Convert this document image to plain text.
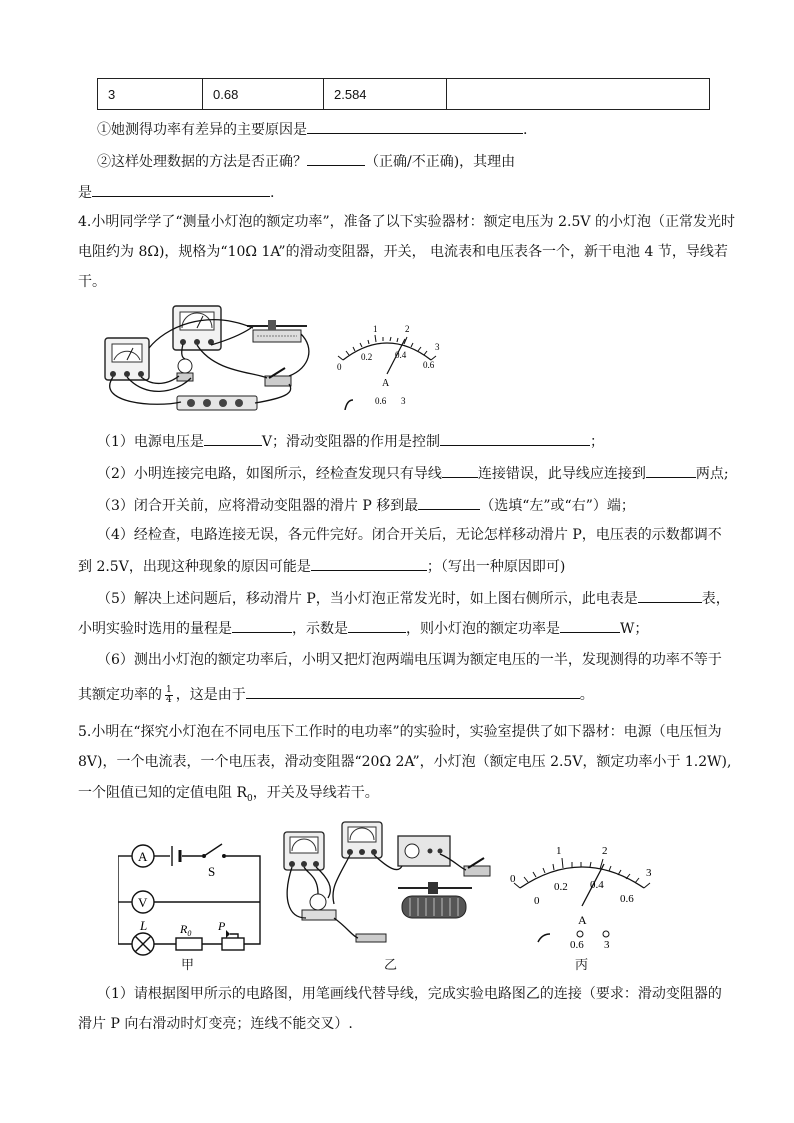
3	0.68	2.584	
①她测得功率有差异的主要原因是	.
②这样处理数据的方法是否正确？	（正确/不正确)，其理由
是	.
4.小明同学学了“测量小灯泡的额定功率”，准备了以下实验器材：额定电压为 2.5V 的小灯泡（正常发光时
电阻约为 8Ω)，规格为“10Ω 1A”的滑动变阻器，开关， 电流表和电压表各一个，新干电池 4 节，导线若
干。
1	2
3
0
0.2	0.4
0.6
A
0.6 3
（1）电源电压是	V；滑动变阻器的作用是控制	；
（2）小明连接完电路，如图所示，经检查发现只有导线	连接错误，此导线应连接到	两点;
（3）闭合开关前，应将滑动变阻器的滑片 P 移到最	（选填“左”或“右”）端；
（4）经检查，电路连接无误，各元件完好。闭合开关后，无论怎样移动滑片 P，电压表的示数都调不
到 2.5V，出现这种现象的原因可能是	；（写出一种原因即可)
（5）解决上述问题后，移动滑片 P，当小灯泡正常发光时，如上图右侧所示，此电表是	表，
小明实验时选用的量程是	，示数是	，则小灯泡的额定功率是	W；
（6）测出小灯泡的额定功率后，小明又把灯泡两端电压调为额定电压的一半，发现测得的功率不等于
其额定功率的 $\frac{1}{4}$ ，这是由于	。
5.小明在“探究小灯泡在不同电压下工作时的电功率”的实验时，实验室提供了如下器材：电源（电压恒为
8V)，一个电流表，一个电压表，滑动变阻器“20Ω 2A”，小灯泡（额定电压 2.5V，额定功率小于 1.2W),
一个阻值已知的定值电阻 $R_0$，开关及导线若干。
A
S
V
L	$R_0$
P
甲	乙
1	2
3
0
0
0.2 0.4
0.6
A
0.6 3
丙
（1）请根据图甲所示的电路图，用笔画线代替导线，完成实验电路图乙的连接（要求：滑动变阻器的
滑片 P 向右滑动时灯变亮；连线不能交叉）.
